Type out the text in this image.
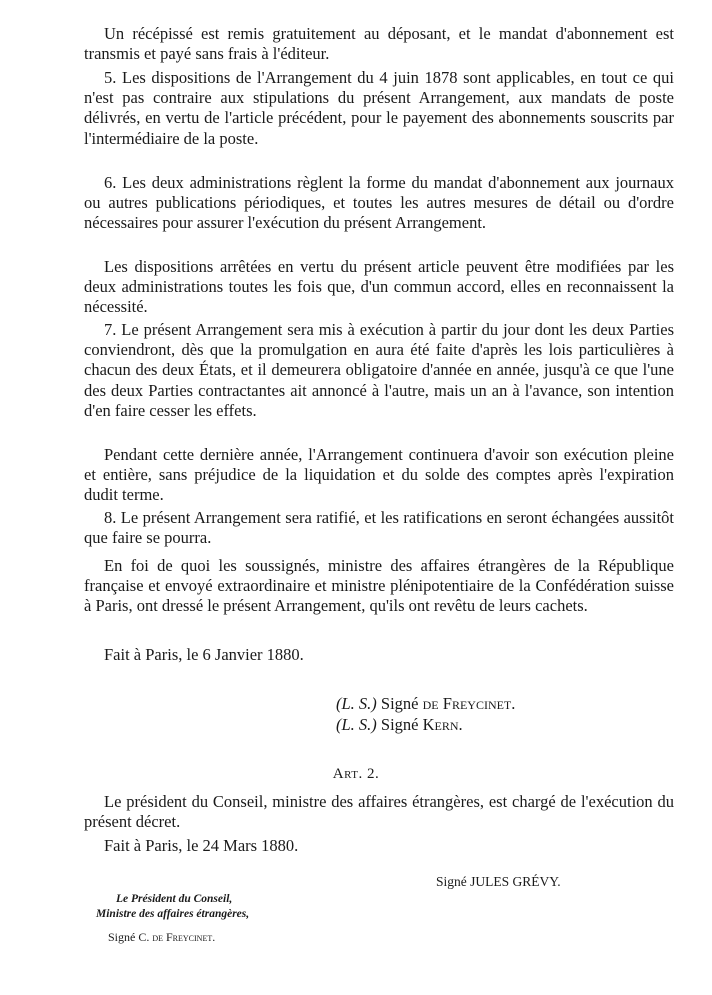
Un récépissé est remis gratuitement au déposant, et le mandat d'abonnement est transmis et payé sans frais à l'éditeur.

5. Les dispositions de l'Arrangement du 4 juin 1878 sont applicables, en tout ce qui n'est pas contraire aux stipulations du présent Arrangement, aux mandats de poste délivrés, en vertu de l'article précédent, pour le payement des abonnements souscrits par l'intermédiaire de la poste.

6. Les deux administrations règlent la forme du mandat d'abonnement aux journaux ou autres publications périodiques, et toutes les autres mesures de détail ou d'ordre nécessaires pour assurer l'exécution du présent Arrangement.

Les dispositions arrêtées en vertu du présent article peuvent être modifiées par les deux administrations toutes les fois que, d'un commun accord, elles en reconnaissent la nécessité.

7. Le présent Arrangement sera mis à exécution à partir du jour dont les deux Parties conviendront, dès que la promulgation en aura été faite d'après les lois particulières à chacun des deux États, et il demeurera obligatoire d'année en année, jusqu'à ce que l'une des deux Parties contractantes ait annoncé à l'autre, mais un an à l'avance, son intention d'en faire cesser les effets.

Pendant cette dernière année, l'Arrangement continuera d'avoir son exécution pleine et entière, sans préjudice de la liquidation et du solde des comptes après l'expiration dudit terme.

8. Le présent Arrangement sera ratifié, et les ratifications en seront échangées aussitôt que faire se pourra.

En foi de quoi les soussignés, ministre des affaires étrangères de la République française et envoyé extraordinaire et ministre plénipotentiaire de la Confédération suisse à Paris, ont dressé le présent Arrangement, qu'ils ont revêtu de leurs cachets.

Fait à Paris, le 6 Janvier 1880.
(L. S.) Signé de Freycinet.
(L. S.) Signé Kern.
Art. 2.

Le président du Conseil, ministre des affaires étrangères, est chargé de l'exécution du présent décret.

Fait à Paris, le 24 Mars 1880.
Signé JULES GRÉVY.
Le Président du Conseil,
Ministre des affaires étrangères,
Signé C. de Freycinet.
